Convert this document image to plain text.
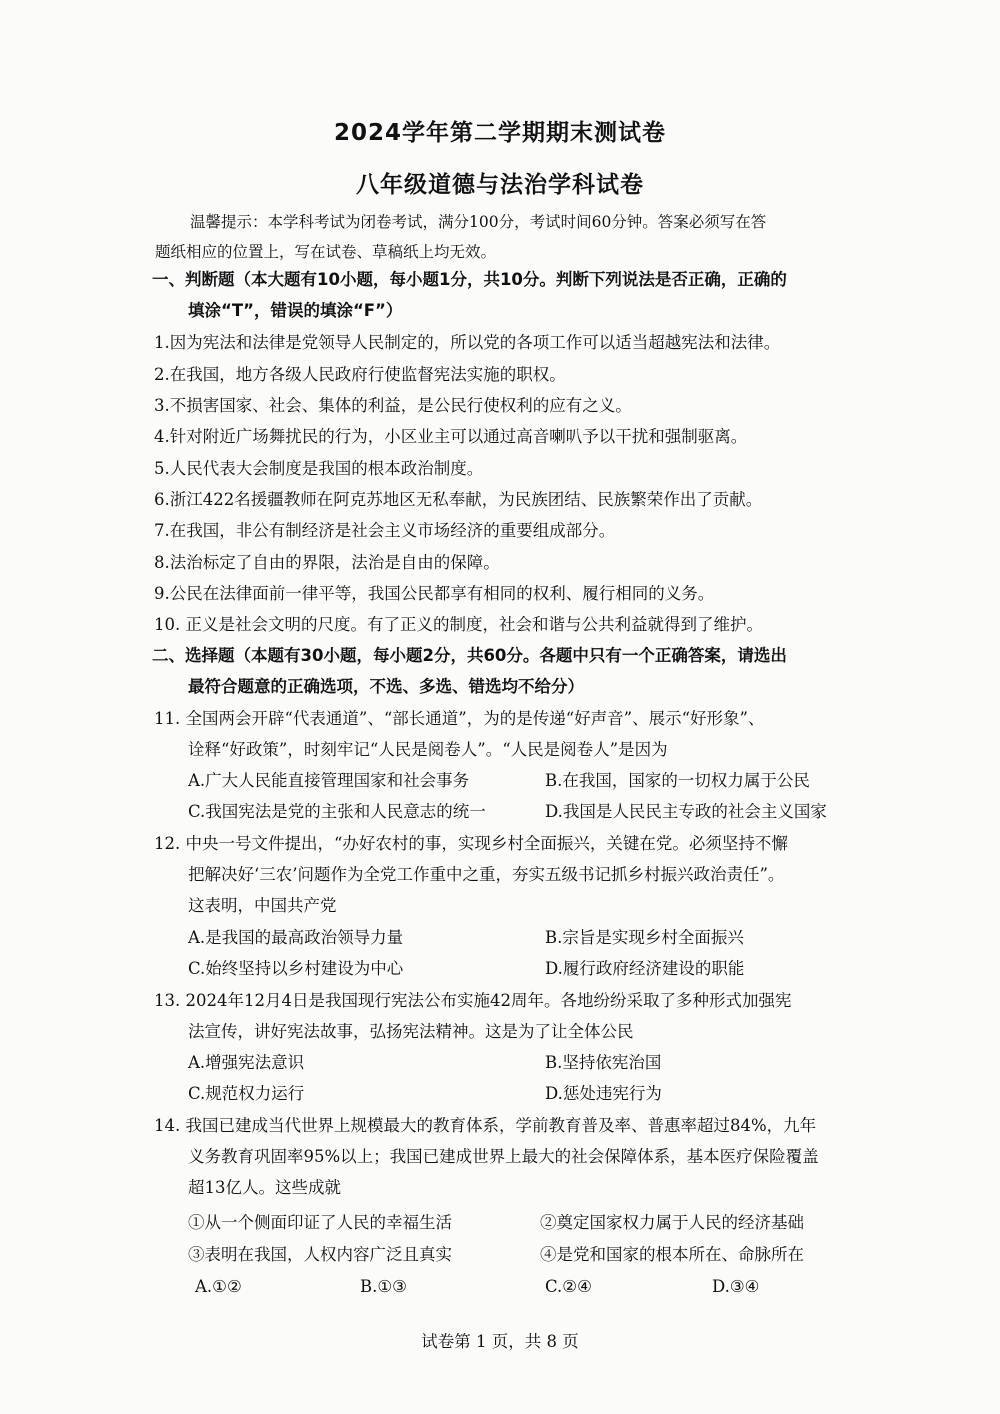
2024学年第二学期期末测试卷
八年级道德与法治学科试卷
温馨提示：本学科考试为闭卷考试，满分100分，考试时间60分钟。答案必须写在答
题纸相应的位置上，写在试卷、草稿纸上均无效。
一、判断题（本大题有10小题，每小题1分，共10分。判断下列说法是否正确，正确的
填涂“T”，错误的填涂“F”）
1.因为宪法和法律是党领导人民制定的，所以党的各项工作可以适当超越宪法和法律。
2.在我国，地方各级人民政府行使监督宪法实施的职权。
3.不损害国家、社会、集体的利益，是公民行使权利的应有之义。
4.针对附近广场舞扰民的行为，小区业主可以通过高音喇叭予以干扰和强制驱离。
5.人民代表大会制度是我国的根本政治制度。
6.浙江422名援疆教师在阿克苏地区无私奉献，为民族团结、民族繁荣作出了贡献。
7.在我国，非公有制经济是社会主义市场经济的重要组成部分。
8.法治标定了自由的界限，法治是自由的保障。
9.公民在法律面前一律平等，我国公民都享有相同的权利、履行相同的义务。
10. 正义是社会文明的尺度。有了正义的制度，社会和谐与公共利益就得到了维护。
二、选择题（本题有30小题，每小题2分，共60分。各题中只有一个正确答案，请选出
最符合题意的正确选项，不选、多选、错选均不给分）
11. 全国两会开辟“代表通道”、“部长通道”，为的是传递“好声音”、展示“好形象”、
诠释“好政策”，时刻牢记“人民是阅卷人”。“人民是阅卷人”是因为
A.广大人民能直接管理国家和社会事务	B.在我国，国家的一切权力属于公民
C.我国宪法是党的主张和人民意志的统一	D.我国是人民民主专政的社会主义国家
12. 中央一号文件提出，“办好农村的事，实现乡村全面振兴，关键在党。必须坚持不懈
把解决好‘三农’问题作为全党工作重中之重，夯实五级书记抓乡村振兴政治责任”。
这表明，中国共产党
A.是我国的最高政治领导力量	B.宗旨是实现乡村全面振兴
C.始终坚持以乡村建设为中心	D.履行政府经济建设的职能
13. 2024年12月4日是我国现行宪法公布实施42周年。各地纷纷采取了多种形式加强宪
法宣传，讲好宪法故事，弘扬宪法精神。这是为了让全体公民
A.增强宪法意识	B.坚持依宪治国
C.规范权力运行	D.惩处违宪行为
14. 我国已建成当代世界上规模最大的教育体系，学前教育普及率、普惠率超过84%，九年
义务教育巩固率95%以上；我国已建成世界上最大的社会保障体系，基本医疗保险覆盖
超13亿人。这些成就
①从一个侧面印证了人民的幸福生活	②奠定国家权力属于人民的经济基础
③表明在我国，人权内容广泛且真实	④是党和国家的根本所在、命脉所在
A.①②	B.①③	C.②④	D.③④
试卷第 1 页，共 8 页
